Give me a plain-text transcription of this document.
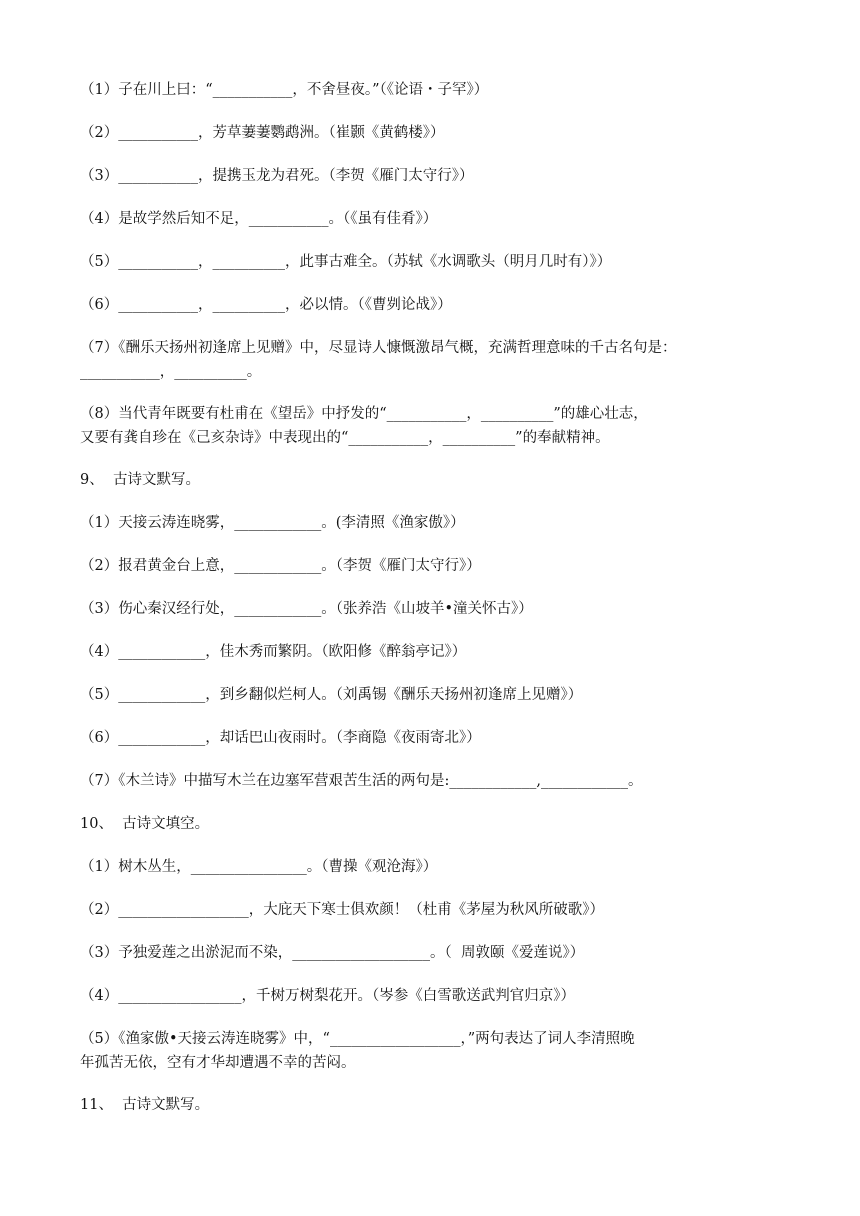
（1）子在川上曰：“___________，不舍昼夜。”（《论语・子罕》）
（2）___________，芳草萋萋鹦鹉洲。（崔颢《黄鹤楼》）
（3）___________，提携玉龙为君死。（李贺《雁门太守行》）
（4）是故学然后知不足，___________。（《虽有佳肴》）
（5）___________，__________，此事古难全。（苏轼《水调歌头（明月几时有）》）
（6）___________，__________，必以情。（《曹刿论战》）
（7）《酬乐天扬州初逢席上见赠》中，尽显诗人慷慨激昂气概，充满哲理意味的千古名句是：
___________，__________。
（8）当代青年既要有杜甫在《望岳》中抒发的“___________，__________”的雄心壮志，
又要有龚自珍在《己亥杂诗》中表现出的“___________，__________”的奉献精神。
9、  古诗文默写。
（1）天接云涛连晓雾，____________。(李清照《渔家傲》）
（2）报君黄金台上意，____________。（李贺《雁门太守行》）
（3）伤心秦汉经行处，____________。（张养浩《山坡羊•潼关怀古》）
（4）____________，佳木秀而繁阴。（欧阳修《醉翁亭记》）
（5）____________，到乡翻似烂柯人。（刘禹锡《酬乐天扬州初逢席上见赠》）
（6）____________，却话巴山夜雨时。（李商隐《夜雨寄北》）
（7）《木兰诗》中描写木兰在边塞军营艰苦生活的两句是:____________,____________。
10、  古诗文填空。
（1）树木丛生，________________。（曹操《观沧海》）
（2）__________________，大庇天下寒士俱欢颜！（杜甫《茅屋为秋风所破歌》）
（3）予独爱莲之出淤泥而不染，___________________。（  周敦颐《爱莲说》）
（4）_________________，千树万树梨花开。（岑参《白雪歌送武判官归京》）
（5）《渔家傲•天接云涛连晓雾》中，“__________________，”两句表达了词人李清照晚
年孤苦无依，空有才华却遭遇不幸的苦闷。
11、  古诗文默写。
